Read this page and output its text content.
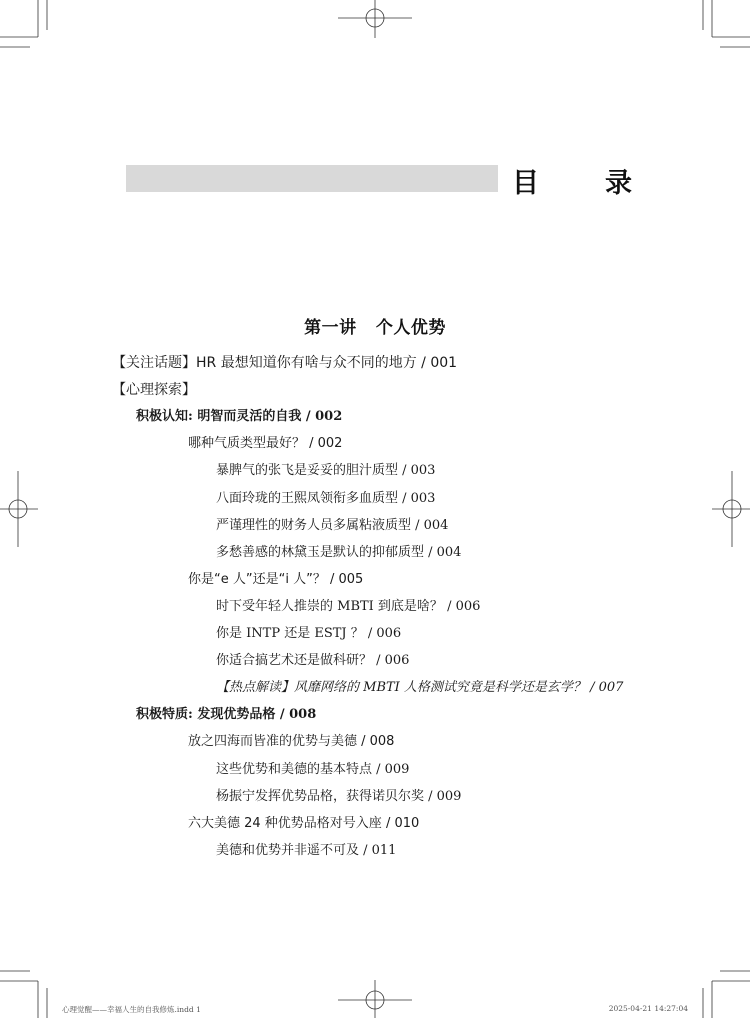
目 录
第一讲   个人优势
【关注话题】HR 最想知道你有啥与众不同的地方 / 001
【心理探索】
积极认知: 明智而灵活的自我 / 002
哪种气质类型最好？ / 002
暴脾气的张飞是妥妥的胆汁质型 / 003
八面玲珑的王熙凤领衔多血质型 / 003
严谨理性的财务人员多属粘液质型 / 004
多愁善感的林黛玉是默认的抑郁质型 / 004
你是“e 人”还是“i 人”？ / 005
时下受年轻人推崇的 MBTI 到底是啥？ / 006
你是 INTP 还是 ESTJ ？ / 006
你适合搞艺术还是做科研？ / 006
【热点解读】风靡网络的 MBTI 人格测试究竟是科学还是玄学？ / 007
积极特质: 发现优势品格 / 008
放之四海而皆准的优势与美德 / 008
这些优势和美德的基本特点 / 009
杨振宁发挥优势品格，获得诺贝尔奖 / 009
六大美德 24 种优势品格对号入座 / 010
美德和优势并非遥不可及 / 011
心理觉醒——幸福人生的自我修炼.indd 1	2025-04-21 14:27:04
